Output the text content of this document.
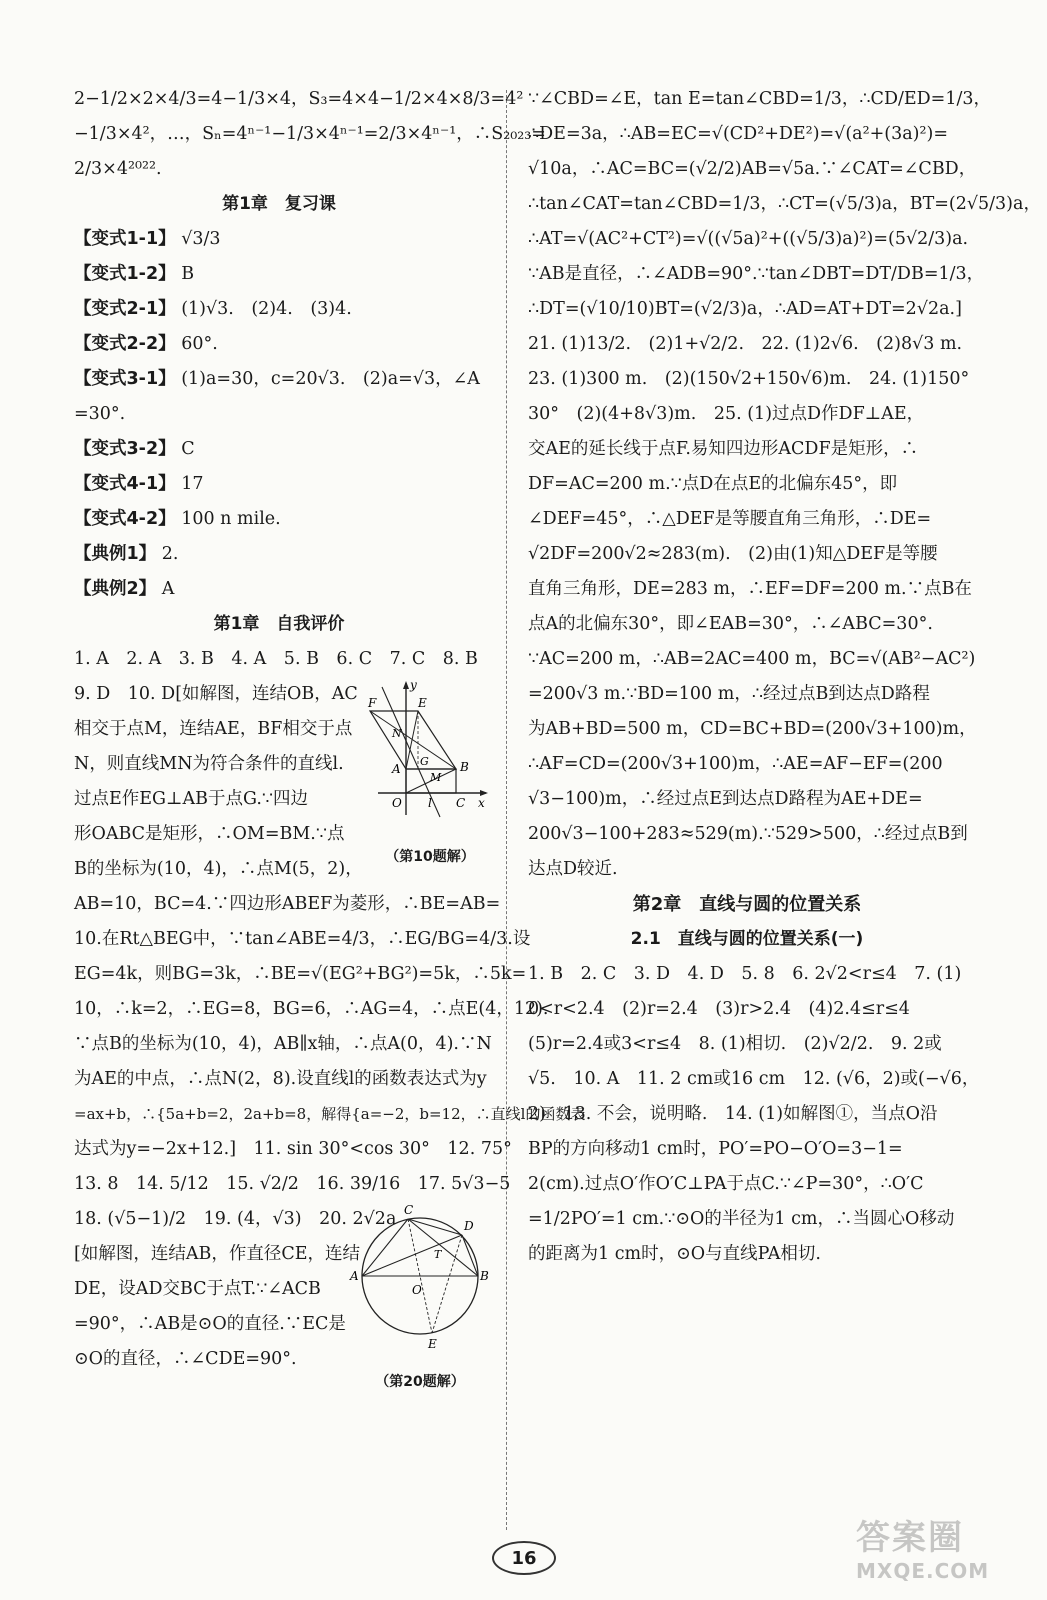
2−1/2×2×4/3=4−1/3×4，S₃=4×4−1/2×4×8/3=4²
−1/3×4²，…，Sₙ=4ⁿ⁻¹−1/3×4ⁿ⁻¹=2/3×4ⁿ⁻¹，∴S₂₀₂₃=
2/3×4²⁰²².
第1章　复习课
【变式1-1】 √3/3
【变式1-2】 B
【变式2-1】 (1)√3.　(2)4.　(3)4.
【变式2-2】 60°.
【变式3-1】 (1)a=30，c=20√3.　(2)a=√3，∠A
=30°.
【变式3-2】 C
【变式4-1】 17
【变式4-2】 100 n mile.
【典例1】 2.
【典例2】 A
第1章　自我评价
1. A　2. A　3. B　4. A　5. B　6. C　7. C　8. B
9. D　10. D[如解图，连结OB，AC
相交于点M，连结AE，BF相交于点
N，则直线MN为符合条件的直线l.
过点E作EG⊥AB于点G.∵四边
形OABC是矩形，∴OM=BM.∵点
B的坐标为(10，4)，∴点M(5，2)，
y
F	E
N
G
M
A	B
O l C x
（第10题解）
AB=10，BC=4.∵四边形ABEF为菱形，∴BE=AB=
10.在Rt△BEG中，∵tan∠ABE=4/3，∴EG/BG=4/3.设
EG=4k，则BG=3k，∴BE=√(EG²+BG²)=5k，∴5k=
10，∴k=2，∴EG=8，BG=6，∴AG=4，∴点E(4，12).
∵点B的坐标为(10，4)，AB∥x轴，∴点A(0，4).∵N
为AE的中点，∴点N(2，8).设直线l的函数表达式为y
=ax+b，∴{5a+b=2，2a+b=8，解得{a=−2，b=12，∴直线l的函数表
达式为y=−2x+12.]　11. sin 30°<cos 30°　12. 75°
13. 8　14. 5/12　15. √2/2　16. 39/16　17. 5√3−5
18. (√5−1)/2　19. (4，√3)　20. 2√2a
[如解图，连结AB，作直径CE，连结
DE，设AD交BC于点T.∵∠ACB
=90°，∴AB是⊙O的直径.∵EC是
⊙O的直径，∴∠CDE=90°.
C
D
A	B
T
O
E
（第20题解）
∵∠CBD=∠E，tan E=tan∠CBD=1/3，∴CD/ED=1/3，
∴DE=3a，∴AB=EC=√(CD²+DE²)=√(a²+(3a)²)=
√10a，∴AC=BC=(√2/2)AB=√5a.∵∠CAT=∠CBD，
∴tan∠CAT=tan∠CBD=1/3，∴CT=(√5/3)a，BT=(2√5/3)a，
∴AT=√(AC²+CT²)=√((√5a)²+((√5/3)a)²)=(5√2/3)a.
∵AB是直径，∴∠ADB=90°.∵tan∠DBT=DT/DB=1/3，
∴DT=(√10/10)BT=(√2/3)a，∴AD=AT+DT=2√2a.]
21. (1)13/2.　(2)1+√2/2.　22. (1)2√6.　(2)8√3 m.
23. (1)300 m.　(2)(150√2+150√6)m.　24. (1)150°
30°　(2)(4+8√3)m.　25. (1)过点D作DF⊥AE，
交AE的延长线于点F.易知四边形ACDF是矩形，∴
DF=AC=200 m.∵点D在点E的北偏东45°，即
∠DEF=45°，∴△DEF是等腰直角三角形，∴DE=
√2DF=200√2≈283(m).　(2)由(1)知△DEF是等腰
直角三角形，DE=283 m，∴EF=DF=200 m.∵点B在
点A的北偏东30°，即∠EAB=30°，∴∠ABC=30°.
∵AC=200 m，∴AB=2AC=400 m，BC=√(AB²−AC²)
=200√3 m.∵BD=100 m，∴经过点B到达点D路程
为AB+BD=500 m，CD=BC+BD=(200√3+100)m，
∴AF=CD=(200√3+100)m，∴AE=AF−EF=(200
√3−100)m，∴经过点E到达点D路程为AE+DE=
200√3−100+283≈529(m).∵529>500，∴经过点B到
达点D较近.
第2章　直线与圆的位置关系
2.1　直线与圆的位置关系(一)
1. B　2. C　3. D　4. D　5. 8　6. 2√2<r≤4　7. (1)
0<r<2.4　(2)r=2.4　(3)r>2.4　(4)2.4≤r≤4
(5)r=2.4或3<r≤4　8. (1)相切.　(2)√2/2.　9. 2或
√5.　10. A　11. 2 cm或16 cm　12. (√6，2)或(−√6，
2)　13. 不会，说明略.　14. (1)如解图①，当点O沿
BP的方向移动1 cm时，PO′=PO−O′O=3−1=
2(cm).过点O′作O′C⊥PA于点C.∵∠P=30°，∴O′C
=1/2PO′=1 cm.∵⊙O的半径为1 cm，∴当圆心O移动
的距离为1 cm时，⊙O与直线PA相切.
16	答案圈
MXQE.COM
